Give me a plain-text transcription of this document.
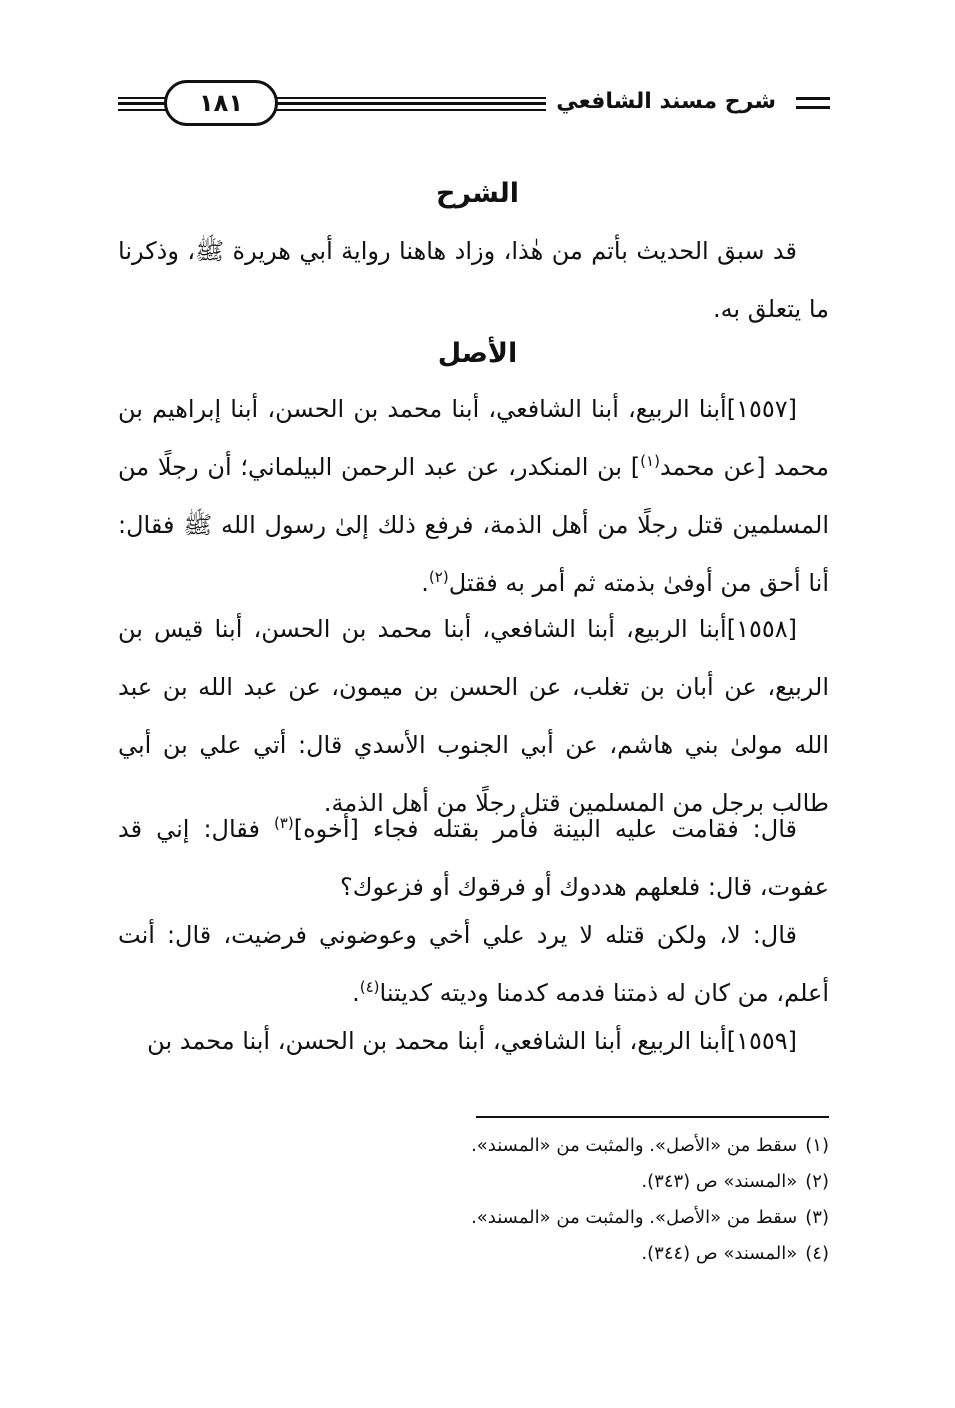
شرح مسند الشافعي
١٨١
الشرح

قد سبق الحديث بأتم من هٰذا، وزاد هاهنا رواية أبي هريرة ﷺ، وذكرنا ما يتعلق به.

الأصل

[١٥٥٧]أبنا الربيع، أبنا الشافعي، أبنا محمد بن الحسن، أبنا إبراهيم بن محمد [عن محمد$^{(١)}$] بن المنكدر، عن عبد الرحمن البيلماني؛ أن رجلًا من المسلمين قتل رجلًا من أهل الذمة، فرفع ذلك إلىٰ رسول الله ﷺ فقال: أنا أحق من أوفىٰ بذمته ثم أمر به فقتل$^{(٢)}$.

[١٥٥٨]أبنا الربيع، أبنا الشافعي، أبنا محمد بن الحسن، أبنا قيس بن الربيع، عن أبان بن تغلب، عن الحسن بن ميمون، عن عبد الله بن عبد الله مولىٰ بني هاشم، عن أبي الجنوب الأسدي قال: أتي علي بن أبي طالب برجل من المسلمين قتل رجلًا من أهل الذمة.

قال: فقامت عليه البينة فأمر بقتله فجاء [أخوه]$^{(٣)}$ فقال: إني قد عفوت، قال: فلعلهم هددوك أو فرقوك أو فزعوك؟

قال: لا، ولكن قتله لا يرد علي أخي وعوضوني فرضيت، قال: أنت أعلم، من كان له ذمتنا فدمه كدمنا وديته كديتنا$^{(٤)}$.

[١٥٥٩]أبنا الربيع، أبنا الشافعي، أبنا محمد بن الحسن، أبنا محمد بن

(١)سقط من «الأصل». والمثبت من «المسند».
(٢)«المسند» ص (٣٤٣).
(٣)سقط من «الأصل». والمثبت من «المسند».
(٤)«المسند» ص (٣٤٤).
